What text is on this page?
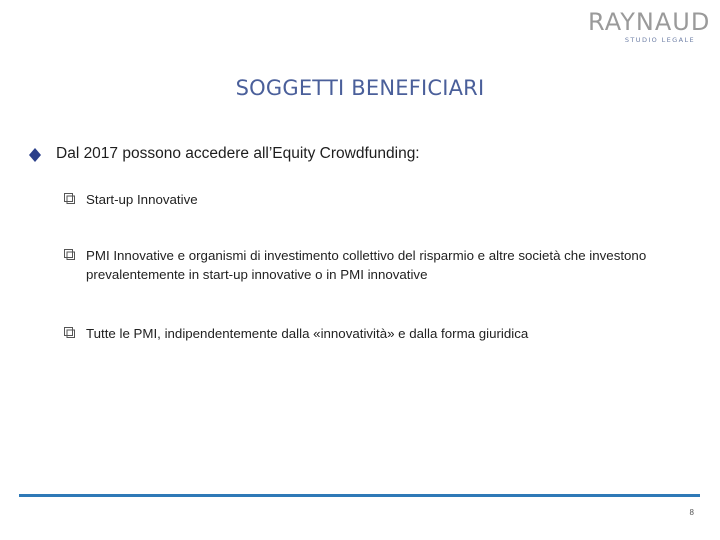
RAYNAUD
STUDIO LEGALE
SOGGETTI BENEFICIARI
Dal 2017 possono accedere all’Equity Crowdfunding:
Start-up Innovative
PMI Innovative e organismi di investimento collettivo del risparmio e altre società che investono prevalentemente in start-up innovative o in PMI innovative
Tutte le PMI, indipendentemente dalla «innovatività» e dalla forma giuridica
8
